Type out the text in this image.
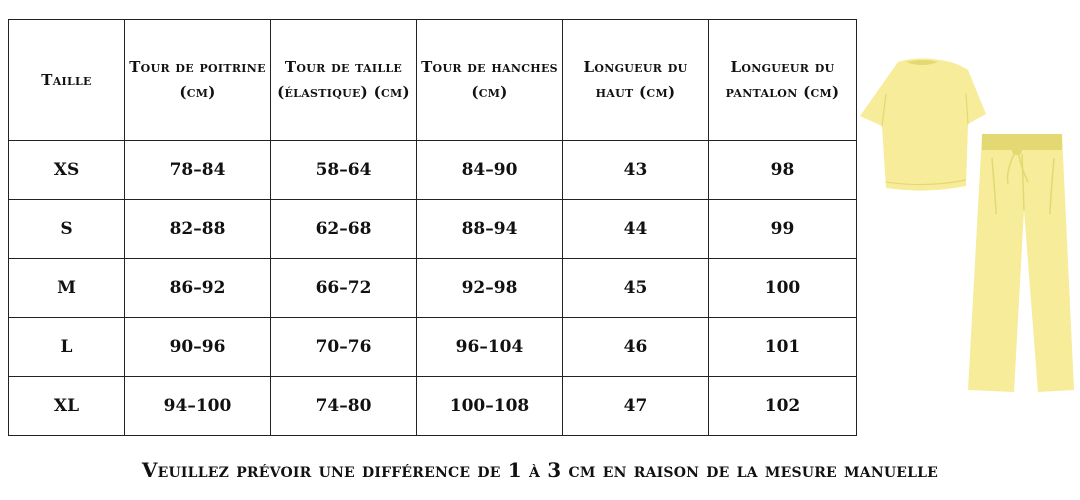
Taille	Tour de poitrine (cm)	Tour de taille (élastique) (cm)	Tour de hanches (cm)	Longueur du haut (cm)	Longueur du pantalon (cm)
XS	78–84	58–64	84–90	43	98
S	82–88	62–68	88–94	44	99
M	86–92	66–72	92–98	45	100
L	90–96	70–76	96–104	46	101
XL	94–100	74–80	100–108	47	102
Veuillez prévoir une différence de 1 à 3 cm en raison de la mesure manuelle
